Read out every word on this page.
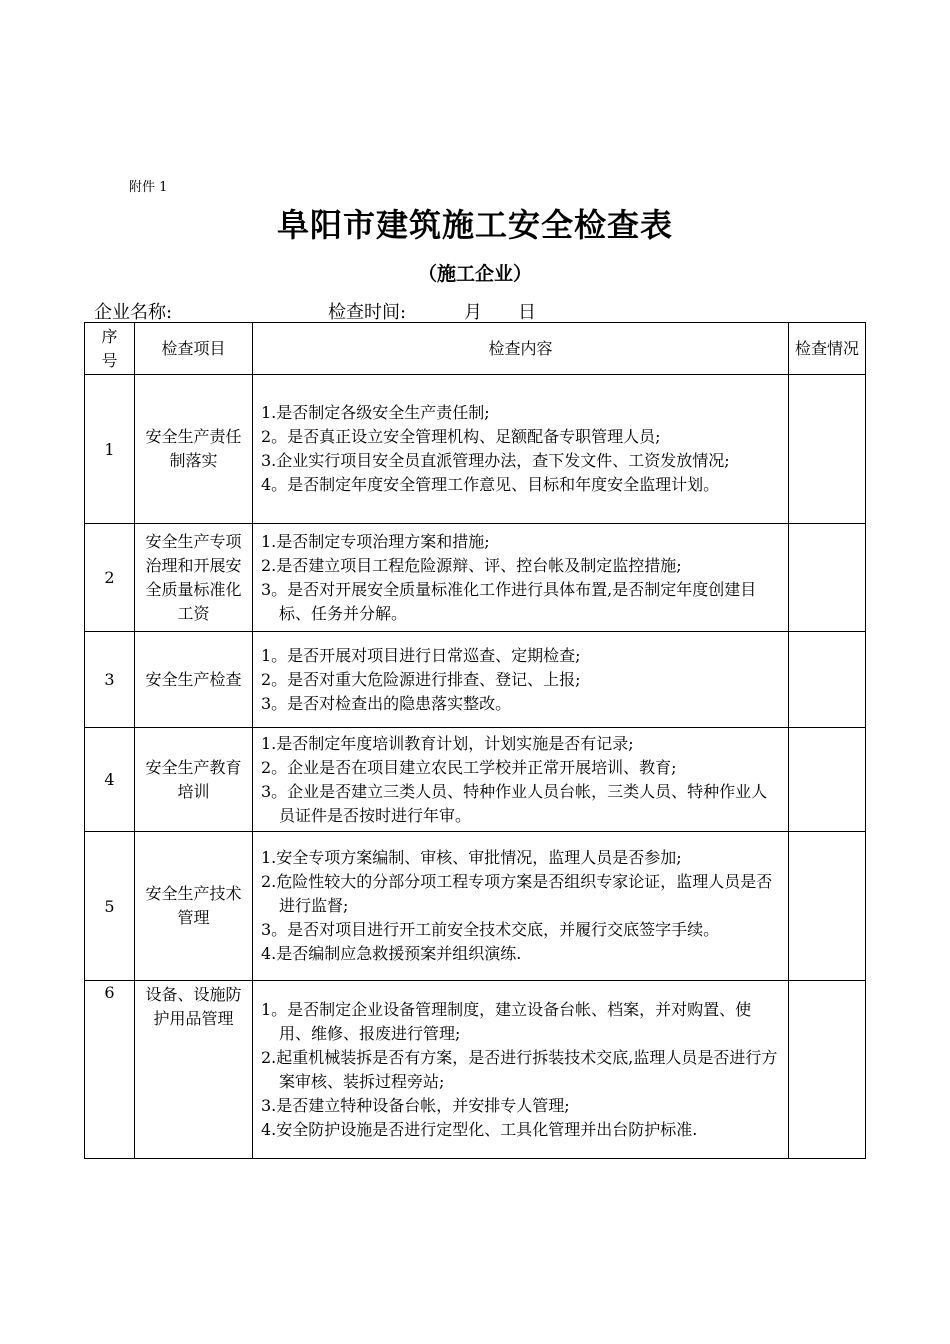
附件 1
阜阳市建筑施工安全检查表
（施工企业）
企业名称:	检查时间:	月 日
序号	检查项目	检查内容	检查情况
1	安全生产责任制落实	1.是否制定各级安全生产责任制;
2。是否真正设立安全管理机构、足额配备专职管理人员;
3.企业实行项目安全员直派管理办法，查下发文件、工资发放情况;
4。是否制定年度安全管理工作意见、目标和年度安全监理计划。	

2	安全生产专项治理和开展安全质量标准化工资	1.是否制定专项治理方案和措施;
2.是否建立项目工程危险源辩、评、控台帐及制定监控措施;
3。是否对开展安全质量标准化工作进行具体布置,是否制定年度创建目标、任务并分解。	

3	安全生产检查	1。是否开展对项目进行日常巡查、定期检查;
2。是否对重大危险源进行排查、登记、上报;
3。是否对检查出的隐患落实整改。	

4	安全生产教育培训	1.是否制定年度培训教育计划，计划实施是否有记录;
2。企业是否在项目建立农民工学校并正常开展培训、教育;
3。企业是否建立三类人员、特种作业人员台帐，三类人员、特种作业人员证件是否按时进行年审。	

5	安全生产技术管理	1.安全专项方案编制、审核、审批情况，监理人员是否参加;
2.危险性较大的分部分项工程专项方案是否组织专家论证，监理人员是否进行监督;
3。是否对项目进行开工前安全技术交底，并履行交底签字手续。
4.是否编制应急救援预案并组织演练.	

6	设备、设施防护用品管理	1。是否制定企业设备管理制度，建立设备台帐、档案，并对购置、使用、维修、报废进行管理;
2.起重机械装拆是否有方案，是否进行拆装技术交底,监理人员是否进行方案审核、装拆过程旁站;
3.是否建立特种设备台帐，并安排专人管理;
4.安全防护设施是否进行定型化、工具化管理并出台防护标准.	
